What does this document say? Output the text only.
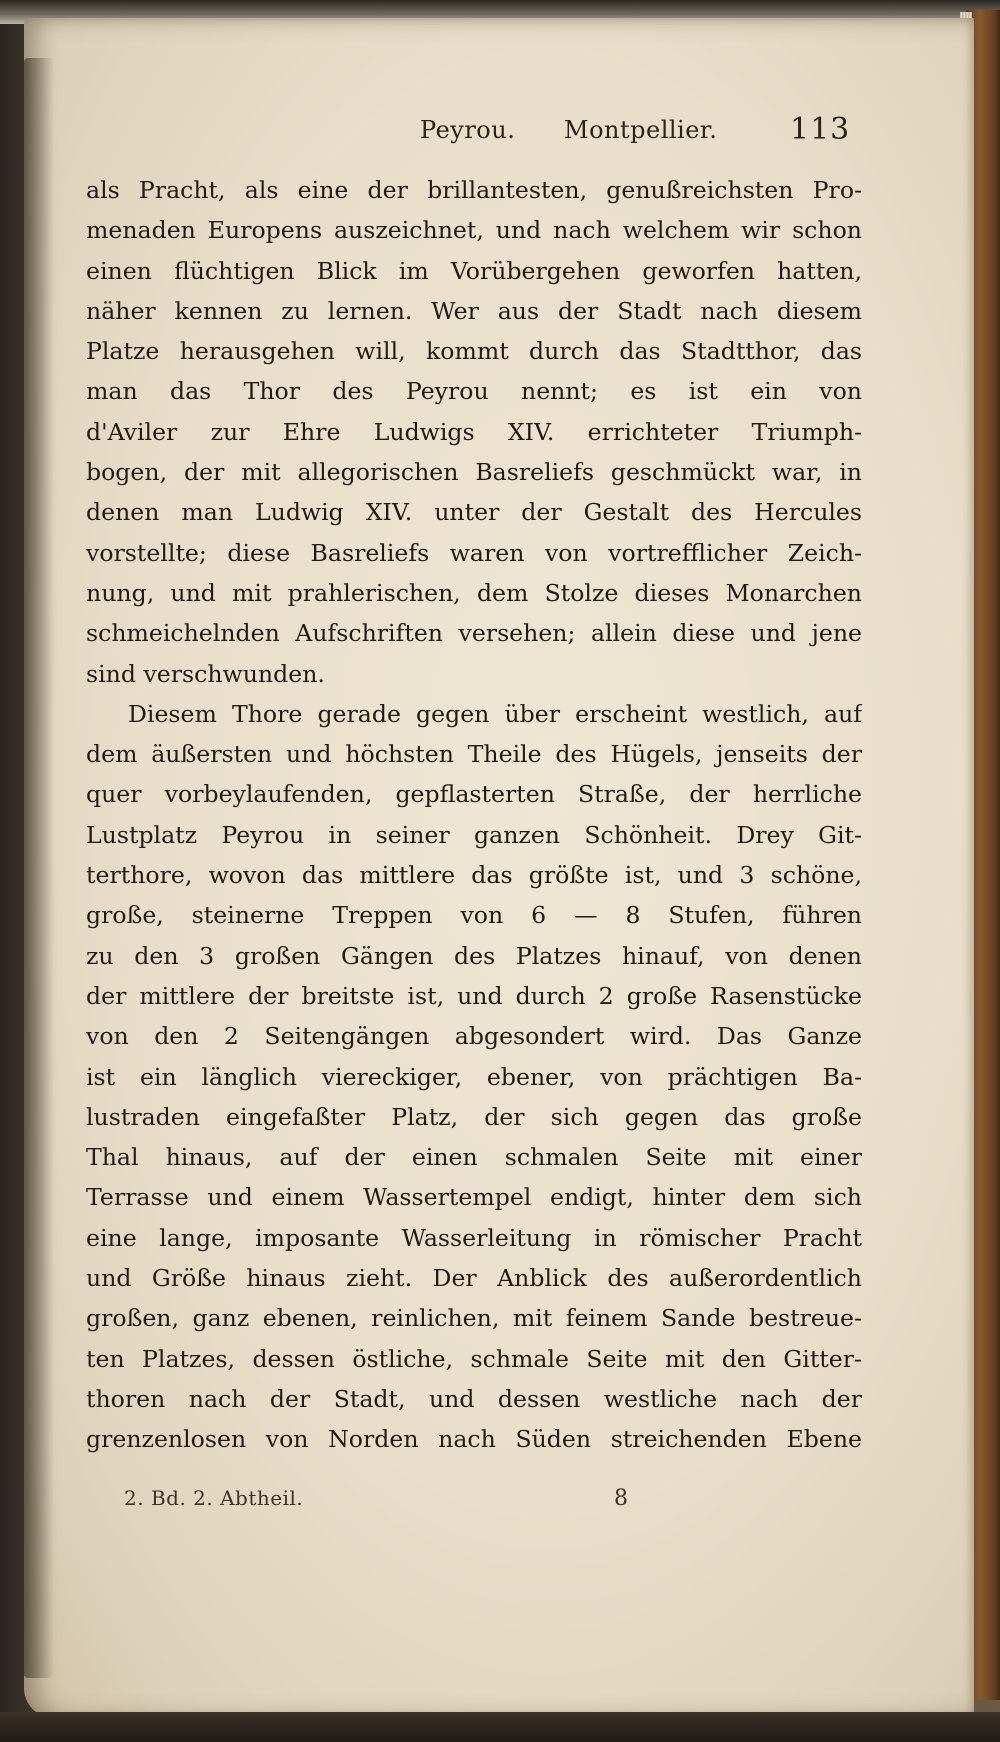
Peyrou. Montpellier. 113
als Pracht, als eine der brillantesten, genußreichsten Pro-
menaden Europens auszeichnet, und nach welchem wir schon
einen flüchtigen Blick im Vorübergehen geworfen hatten,
näher kennen zu lernen. Wer aus der Stadt nach diesem
Platze herausgehen will, kommt durch das Stadtthor, das
man das Thor des Peyrou nennt; es ist ein von
d'Aviler zur Ehre Ludwigs XIV. errichteter Triumph-
bogen, der mit allegorischen Basreliefs geschmückt war, in
denen man Ludwig XIV. unter der Gestalt des Hercules
vorstellte; diese Basreliefs waren von vortrefflicher Zeich-
nung, und mit prahlerischen, dem Stolze dieses Monarchen
schmeichelnden Aufschriften versehen; allein diese und jene
sind verschwunden.
Diesem Thore gerade gegen über erscheint westlich, auf
dem äußersten und höchsten Theile des Hügels, jenseits der
quer vorbeylaufenden, gepflasterten Straße, der herrliche
Lustplatz Peyrou in seiner ganzen Schönheit. Drey Git-
terthore, wovon das mittlere das größte ist, und 3 schöne,
große, steinerne Treppen von 6 — 8 Stufen, führen
zu den 3 großen Gängen des Platzes hinauf, von denen
der mittlere der breitste ist, und durch 2 große Rasenstücke
von den 2 Seitengängen abgesondert wird. Das Ganze
ist ein länglich viereckiger, ebener, von prächtigen Ba-
lustraden eingefaßter Platz, der sich gegen das große
Thal hinaus, auf der einen schmalen Seite mit einer
Terrasse und einem Wassertempel endigt, hinter dem sich
eine lange, imposante Wasserleitung in römischer Pracht
und Größe hinaus zieht. Der Anblick des außerordentlich
großen, ganz ebenen, reinlichen, mit feinem Sande bestreue-
ten Platzes, dessen östliche, schmale Seite mit den Gitter-
thoren nach der Stadt, und dessen westliche nach der
grenzenlosen von Norden nach Süden streichenden Ebene
2. Bd. 2. Abtheil.	8
